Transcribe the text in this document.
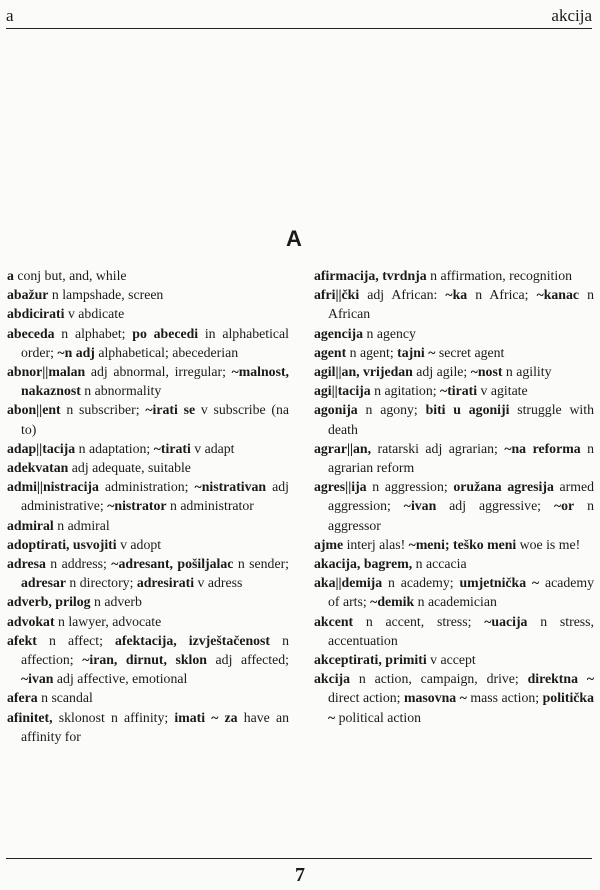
a	akcija
A
a conj but, and, while
abažur n lampshade, screen
abdicirati v abdicate
abeceda n alphabet; po abecedi in alphabetical order; ~n adj alphabetical; abecederian
abnor||malan adj abnormal, irregular; ~malnost, nakaznost n abnormality
abon||ent n subscriber; ~irati se v subscribe (na to)
adap||tacija n adaptation; ~tirati v adapt
adekvatan adj adequate, suitable
admi||nistracija administration; ~nistrativan adj administrative; ~nistrator n administrator
admiral n admiral
adoptirati, usvojiti v adopt
adresa n address; ~adresant, pošiljalac n sender; adresar n directory; adresirati v adress
adverb, prilog n adverb
advokat n lawyer, advocate
afekt n affect; afektacija, izvještačenost n affection; ~iran, dirnut, sklon adj affected; ~ivan adj affective, emotional
afera n scandal
afinitet, sklonost n affinity; imati ~ za have an affinity for
afirmacija, tvrdnja n affirmation, recognition
afri||čki adj African: ~ka n Africa; ~kanac n African
agencija n agency
agent n agent; tajni ~ secret agent
agil||an, vrijedan adj agile; ~nost n agility
agi||tacija n agitation; ~tirati v agitate
agonija n agony; biti u agoniji struggle with death
agrar||an, ratarski adj agrarian; ~na reforma n agrarian reform
agres||ija n aggression; oružana agresija armed aggression; ~ivan adj aggressive; ~or n aggressor
ajme interj alas! ~meni; teško meni woe is me!
akacija, bagrem, n accacia
aka||demija n academy; umjetnička ~ academy of arts; ~demik n academician
akcent n accent, stress; ~uacija n stress, accentuation
akceptirati, primiti v accept
akcija n action, campaign, drive; direktna ~ direct action; masovna ~ mass action; politička ~ political action
7
